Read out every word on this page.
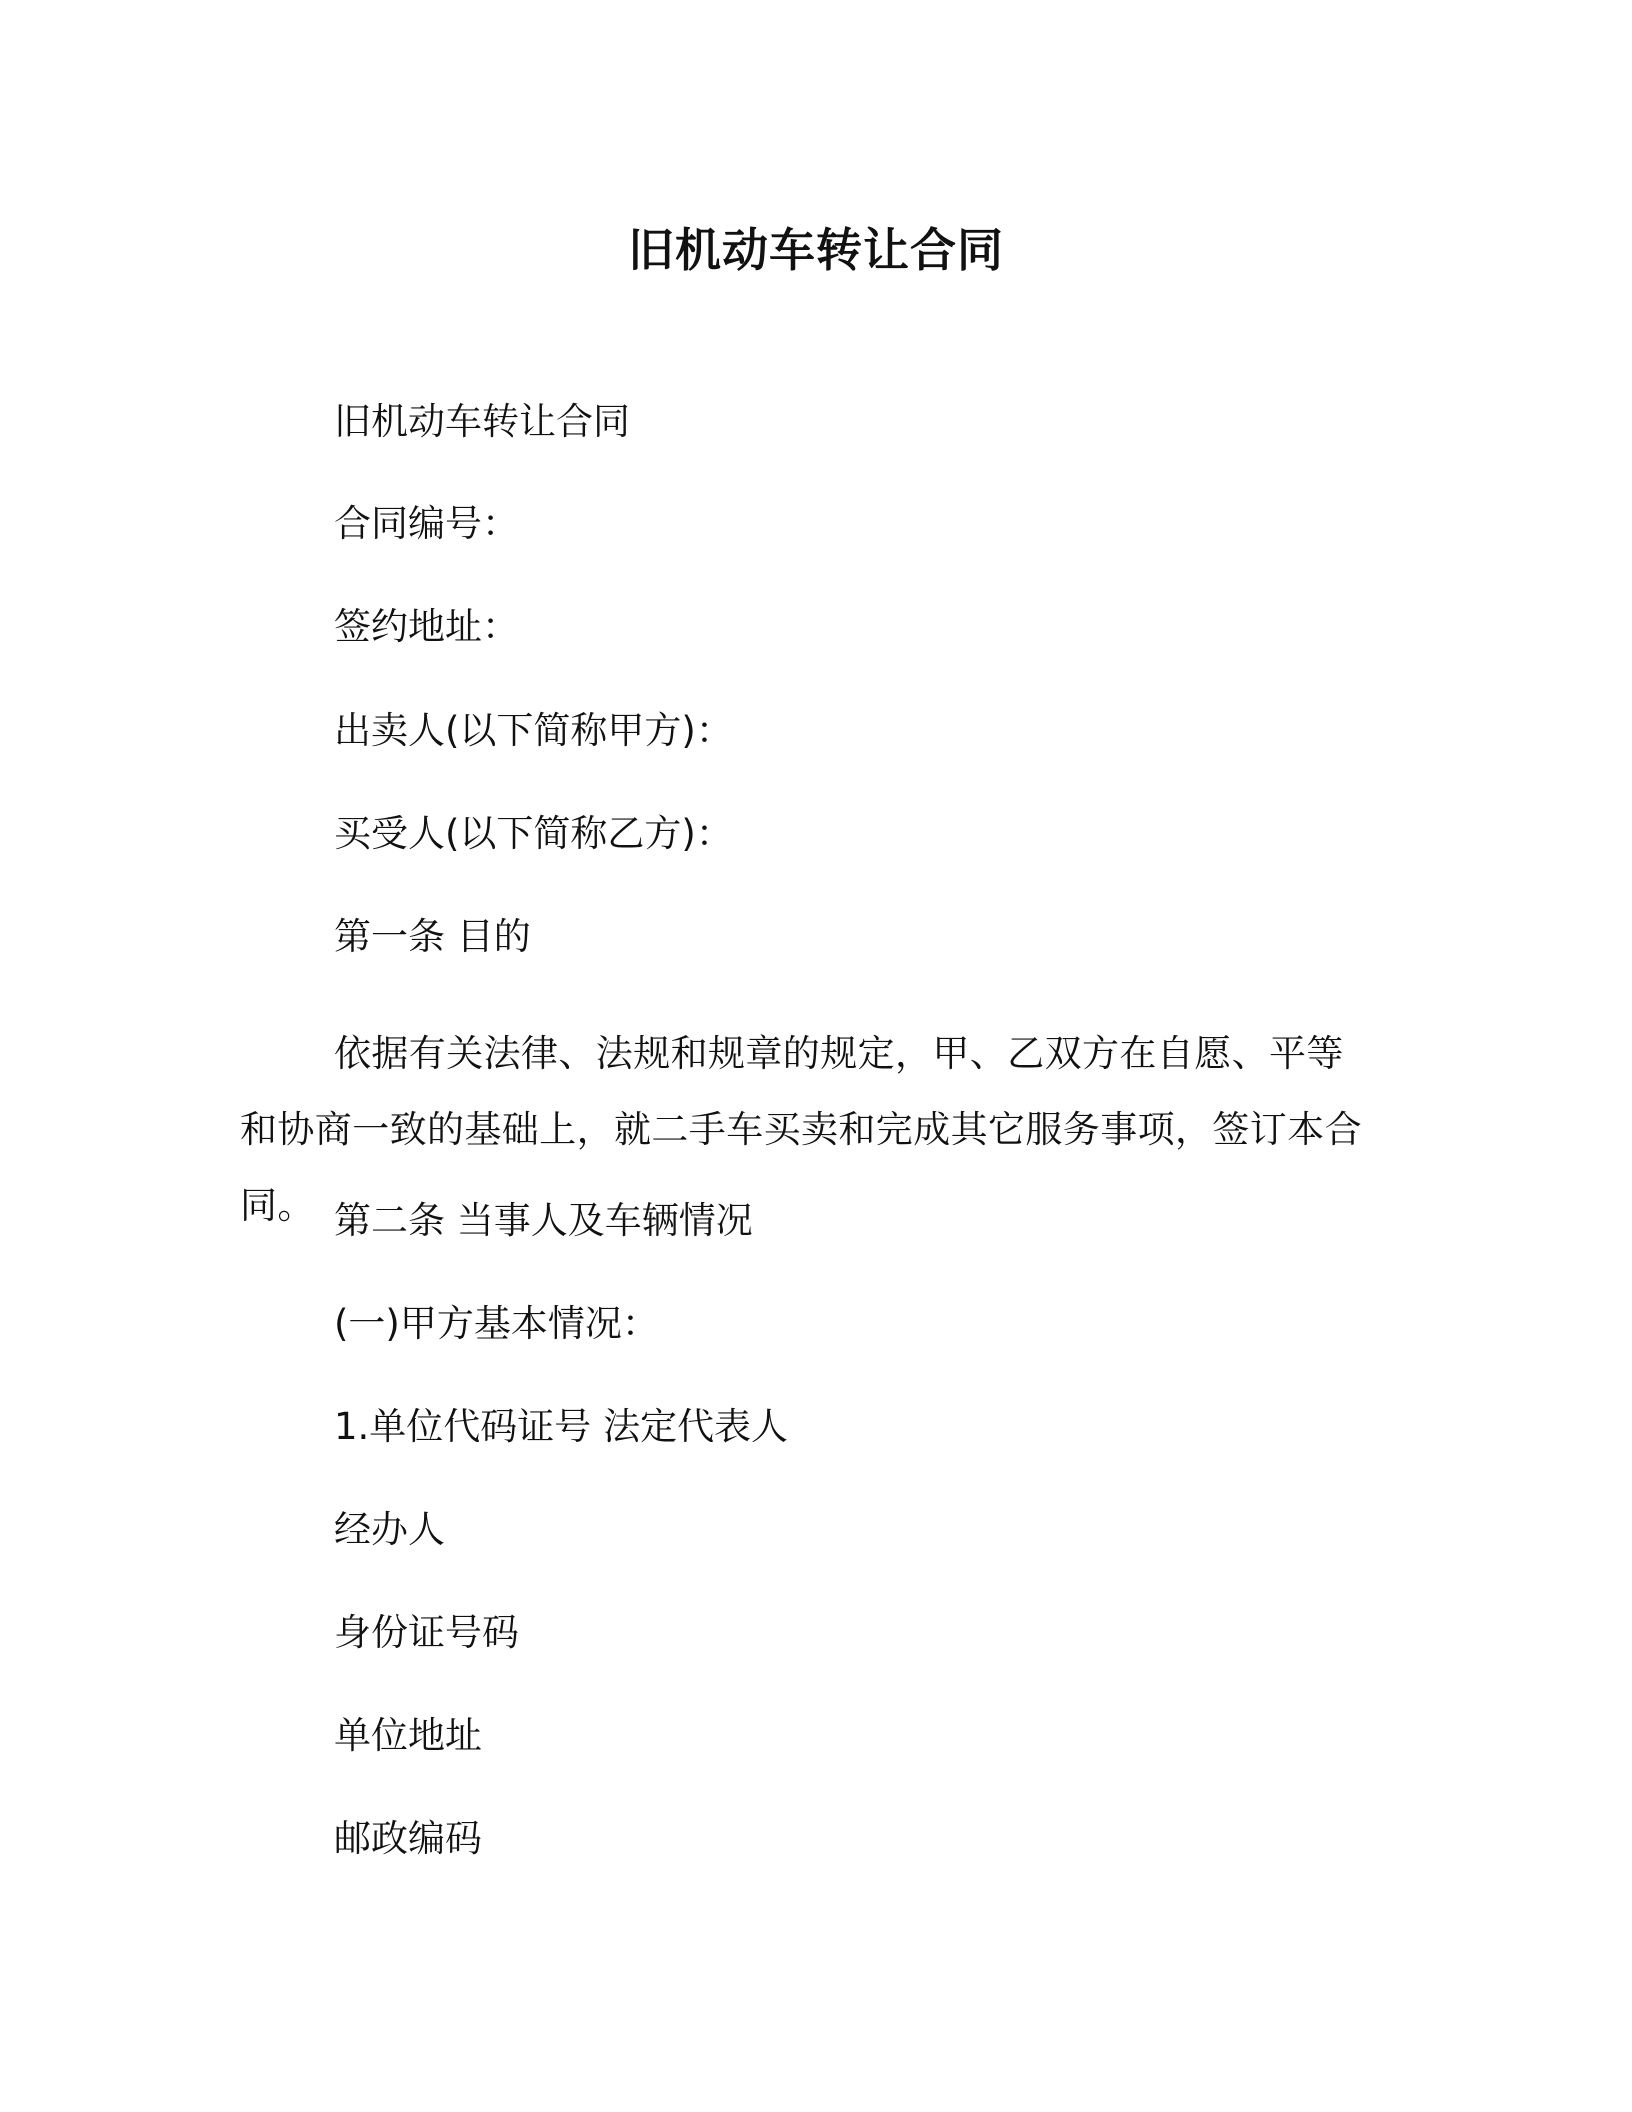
旧机动车转让合同
旧机动车转让合同
合同编号：
签约地址：
出卖人(以下简称甲方)：
买受人(以下简称乙方)：
第一条 目的
依据有关法律、法规和规章的规定，甲、乙双方在自愿、平等和协商一致的基础上，就二手车买卖和完成其它服务事项，签订本合同。 第二条 当事人及车辆情况
(一)甲方基本情况：
1.单位代码证号 法定代表人
经办人
身份证号码
单位地址
邮政编码
